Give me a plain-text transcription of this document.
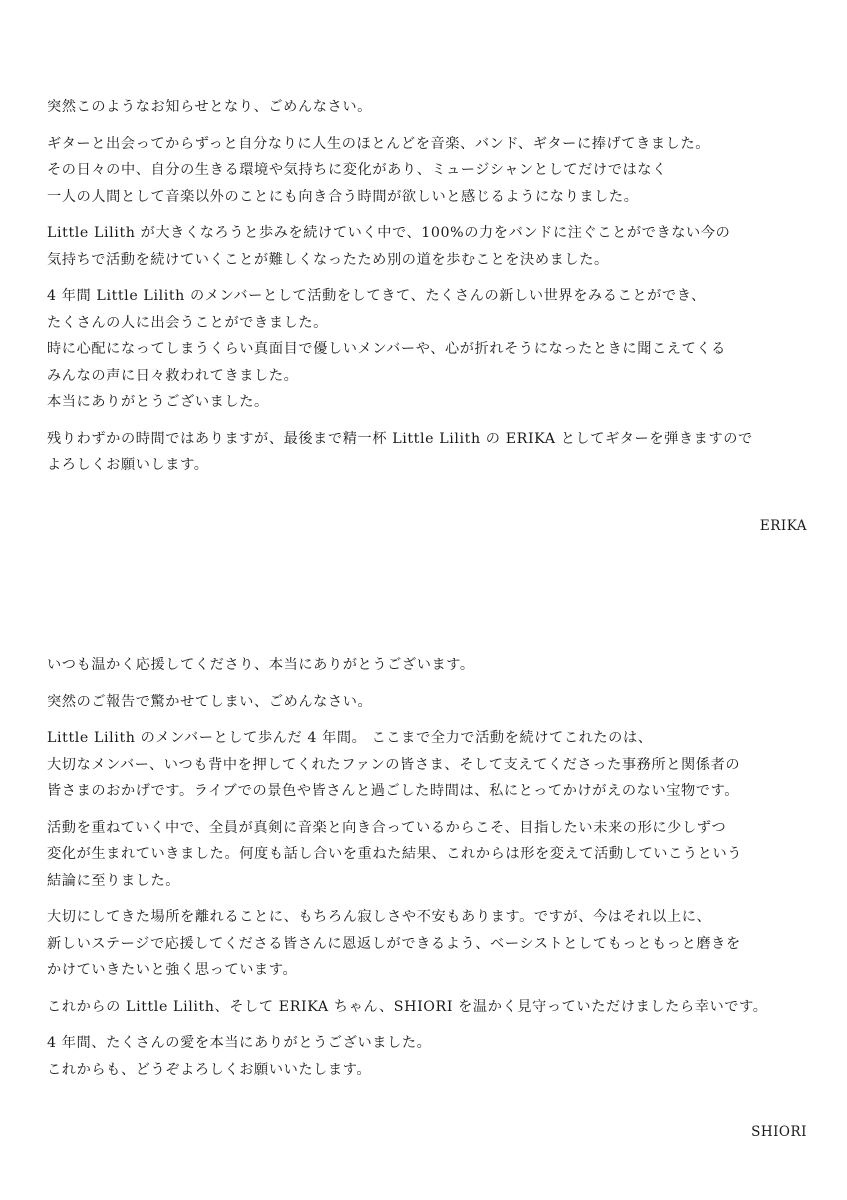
突然このようなお知らせとなり、ごめんなさい。

ギターと出会ってからずっと自分なりに人生のほとんどを音楽、バンド、ギターに捧げてきました。
その日々の中、自分の生きる環境や気持ちに変化があり、ミュージシャンとしてだけではなく
一人の人間として音楽以外のことにも向き合う時間が欲しいと感じるようになりました。

Little Lilith が大きくなろうと歩みを続けていく中で、100%の力をバンドに注ぐことができない今の
気持ちで活動を続けていくことが難しくなったため別の道を歩むことを決めました。

4 年間 Little Lilith のメンバーとして活動をしてきて、たくさんの新しい世界をみることができ、
たくさんの人に出会うことができました。
時に心配になってしまうくらい真面目で優しいメンバーや、心が折れそうになったときに聞こえてくる
みんなの声に日々救われてきました。
本当にありがとうございました。

残りわずかの時間ではありますが、最後まで精一杯 Little Lilith の ERIKA としてギターを弾きますので
よろしくお願いします。

ERIKA

いつも温かく応援してくださり、本当にありがとうございます。

突然のご報告で驚かせてしまい、ごめんなさい。

Little Lilith のメンバーとして歩んだ 4 年間。 ここまで全力で活動を続けてこれたのは、
大切なメンバー、いつも背中を押してくれたファンの皆さま、そして支えてくださった事務所と関係者の
皆さまのおかげです。ライブでの景色や皆さんと過ごした時間は、私にとってかけがえのない宝物です。

活動を重ねていく中で、全員が真剣に音楽と向き合っているからこそ、目指したい未来の形に少しずつ
変化が生まれていきました。何度も話し合いを重ねた結果、これからは形を変えて活動していこうという
結論に至りました。

大切にしてきた場所を離れることに、もちろん寂しさや不安もあります。ですが、今はそれ以上に、
新しいステージで応援してくださる皆さんに恩返しができるよう、ベーシストとしてもっともっと磨きを
かけていきたいと強く思っています。

これからの Little Lilith、そして ERIKA ちゃん、SHIORI を温かく見守っていただけましたら幸いです。

4 年間、たくさんの愛を本当にありがとうございました。
これからも、どうぞよろしくお願いいたします。

SHIORI
